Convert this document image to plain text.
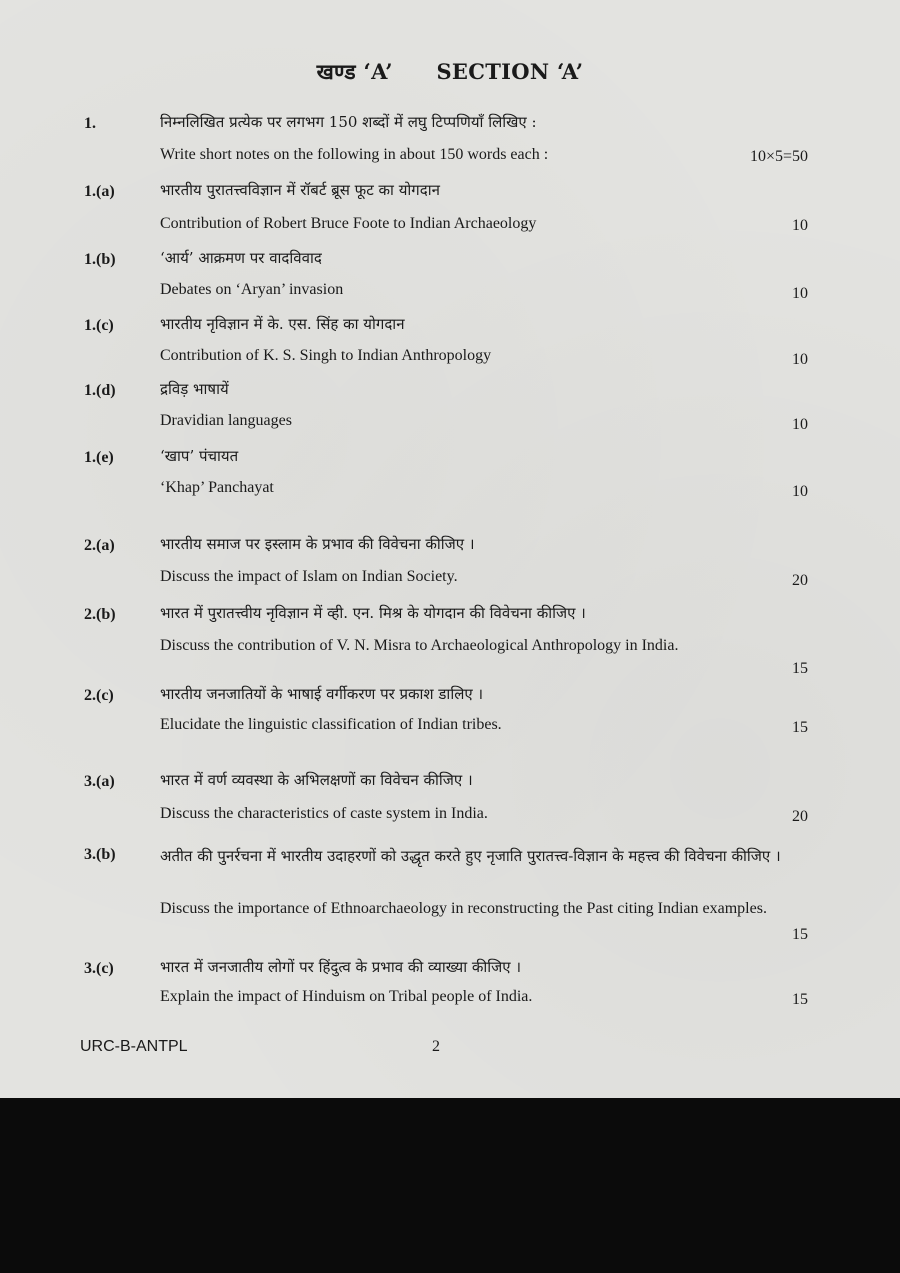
खण्ड ‘A’ SECTION ‘A’
1.	निम्नलिखित प्रत्येक पर लगभग 150 शब्दों में लघु टिप्पणियाँ लिखिए :
Write short notes on the following in about 150 words each :	10×5=50
1.(a)	भारतीय पुरातत्त्वविज्ञान में रॉबर्ट ब्रूस फूट का योगदान
Contribution of Robert Bruce Foote to Indian Archaeology	10
1.(b)	‘आर्य’ आक्रमण पर वादविवाद
Debates on ‘Aryan’ invasion	10
1.(c)	भारतीय नृविज्ञान में के. एस. सिंह का योगदान
Contribution of K. S. Singh to Indian Anthropology	10
1.(d)	द्रविड़ भाषायें
Dravidian languages	10
1.(e)	‘खाप’ पंचायत
‘Khap’ Panchayat	10
2.(a)	भारतीय समाज पर इस्लाम के प्रभाव की विवेचना कीजिए ।
Discuss the impact of Islam on Indian Society.	20
2.(b)	भारत में पुरातत्त्वीय नृविज्ञान में व्ही. एन. मिश्र के योगदान की विवेचना कीजिए ।
Discuss the contribution of V. N. Misra to Archaeological Anthropology in India.
15
2.(c)	भारतीय जनजातियों के भाषाई वर्गीकरण पर प्रकाश डालिए ।
Elucidate the linguistic classification of Indian tribes.	15
3.(a)	भारत में वर्ण व्यवस्था के अभिलक्षणों का विवेचन कीजिए ।
Discuss the characteristics of caste system in India.	20
3.(b)	अतीत की पुनर्रचना में भारतीय उदाहरणों को उद्धृत करते हुए नृजाति पुरातत्त्व-विज्ञान के महत्त्व की विवेचना कीजिए ।
Discuss the importance of Ethnoarchaeology in reconstructing the Past citing Indian examples.
15
3.(c)	भारत में जनजातीय लोगों पर हिंदुत्व के प्रभाव की व्याख्या कीजिए ।
Explain the impact of Hinduism on Tribal people of India.	15
URC-B-ANTPL	2
